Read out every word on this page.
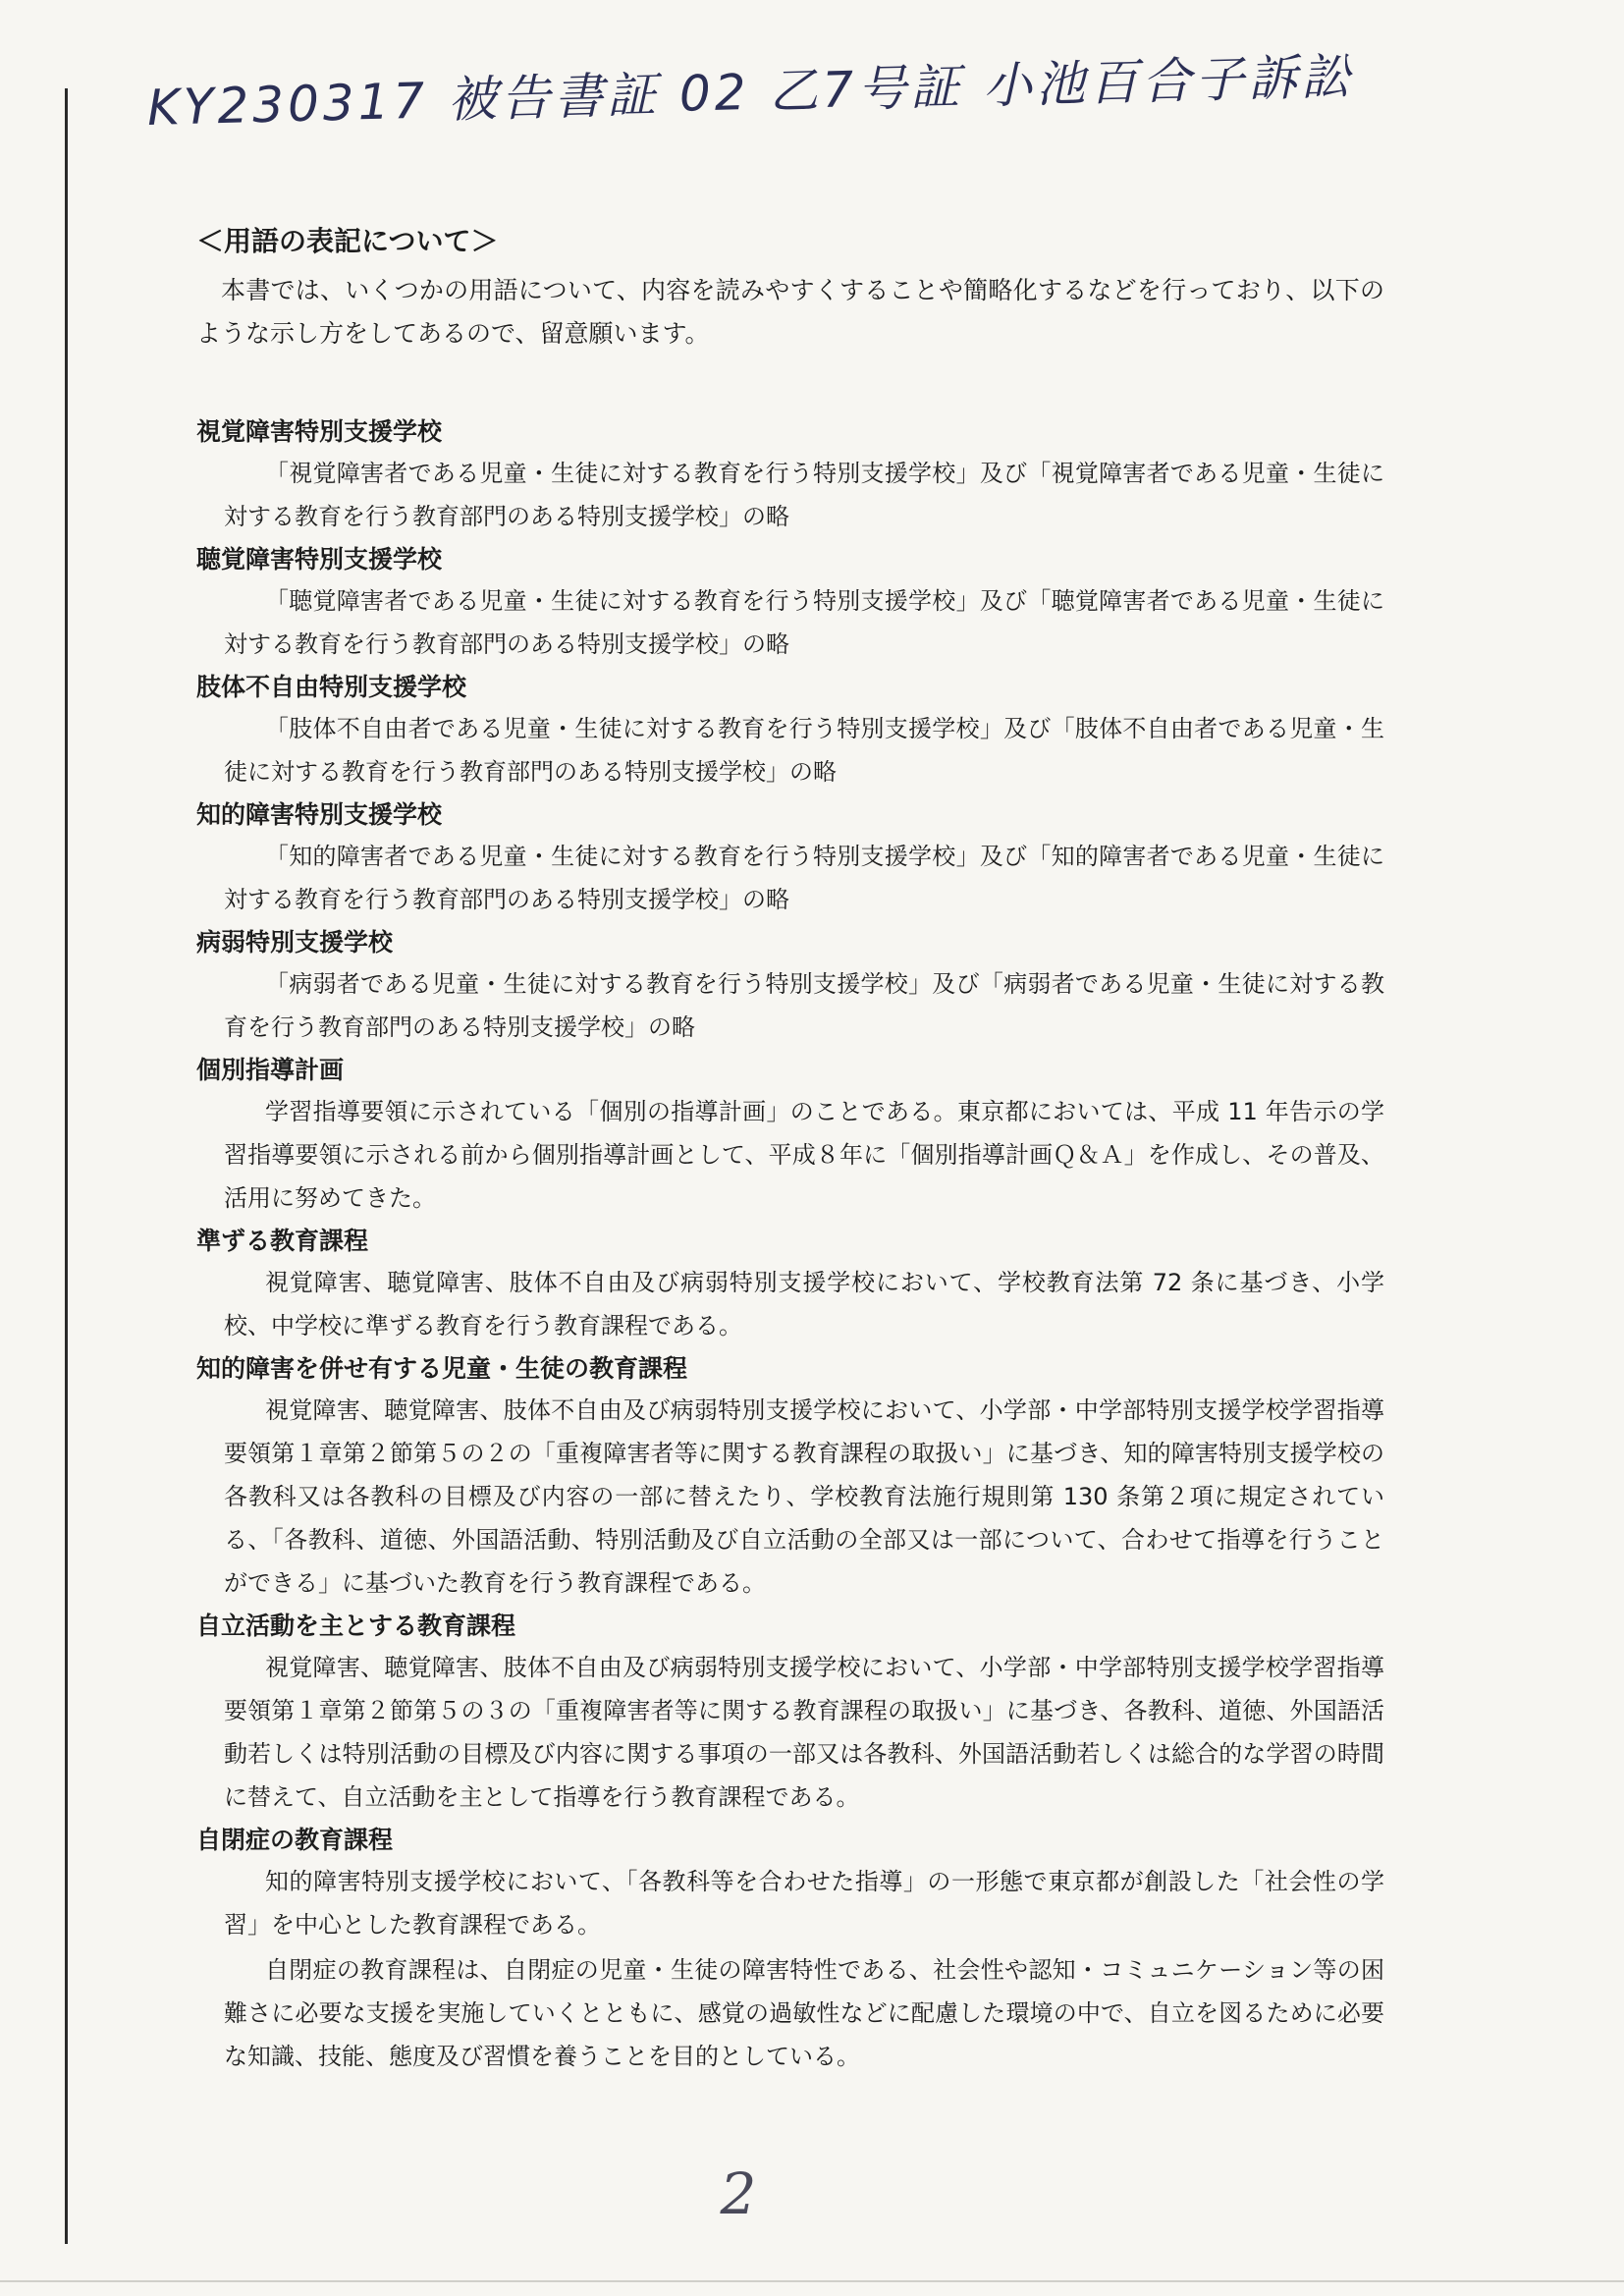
KY230317 被告書証 02 乙7号証 小池百合子訴訟
＜用語の表記について＞

本書では、いくつかの用語について、内容を読みやすくすることや簡略化するなどを行っており、以下のような示し方をしてあるので、留意願います。

視覚障害特別支援学校

「視覚障害者である児童・生徒に対する教育を行う特別支援学校」及び「視覚障害者である児童・生徒に対する教育を行う教育部門のある特別支援学校」の略

聴覚障害特別支援学校

「聴覚障害者である児童・生徒に対する教育を行う特別支援学校」及び「聴覚障害者である児童・生徒に対する教育を行う教育部門のある特別支援学校」の略

肢体不自由特別支援学校

「肢体不自由者である児童・生徒に対する教育を行う特別支援学校」及び「肢体不自由者である児童・生徒に対する教育を行う教育部門のある特別支援学校」の略

知的障害特別支援学校

「知的障害者である児童・生徒に対する教育を行う特別支援学校」及び「知的障害者である児童・生徒に対する教育を行う教育部門のある特別支援学校」の略

病弱特別支援学校

「病弱者である児童・生徒に対する教育を行う特別支援学校」及び「病弱者である児童・生徒に対する教育を行う教育部門のある特別支援学校」の略

個別指導計画

学習指導要領に示されている「個別の指導計画」のことである。東京都においては、平成 11 年告示の学習指導要領に示される前から個別指導計画として、平成８年に「個別指導計画Ｑ＆Ａ」を作成し、その普及、活用に努めてきた。

準ずる教育課程

視覚障害、聴覚障害、肢体不自由及び病弱特別支援学校において、学校教育法第 72 条に基づき、小学校、中学校に準ずる教育を行う教育課程である。

知的障害を併せ有する児童・生徒の教育課程

視覚障害、聴覚障害、肢体不自由及び病弱特別支援学校において、小学部・中学部特別支援学校学習指導要領第１章第２節第５の２の「重複障害者等に関する教育課程の取扱い」に基づき、知的障害特別支援学校の各教科又は各教科の目標及び内容の一部に替えたり、学校教育法施行規則第 130 条第２項に規定されている、「各教科、道徳、外国語活動、特別活動及び自立活動の全部又は一部について、合わせて指導を行うことができる」に基づいた教育を行う教育課程である。

自立活動を主とする教育課程

視覚障害、聴覚障害、肢体不自由及び病弱特別支援学校において、小学部・中学部特別支援学校学習指導要領第１章第２節第５の３の「重複障害者等に関する教育課程の取扱い」に基づき、各教科、道徳、外国語活動若しくは特別活動の目標及び内容に関する事項の一部又は各教科、外国語活動若しくは総合的な学習の時間に替えて、自立活動を主として指導を行う教育課程である。

自閉症の教育課程

知的障害特別支援学校において、「各教科等を合わせた指導」の一形態で東京都が創設した「社会性の学習」を中心とした教育課程である。

自閉症の教育課程は、自閉症の児童・生徒の障害特性である、社会性や認知・コミュニケーション等の困難さに必要な支援を実施していくとともに、感覚の過敏性などに配慮した環境の中で、自立を図るために必要な知識、技能、態度及び習慣を養うことを目的としている。

2
